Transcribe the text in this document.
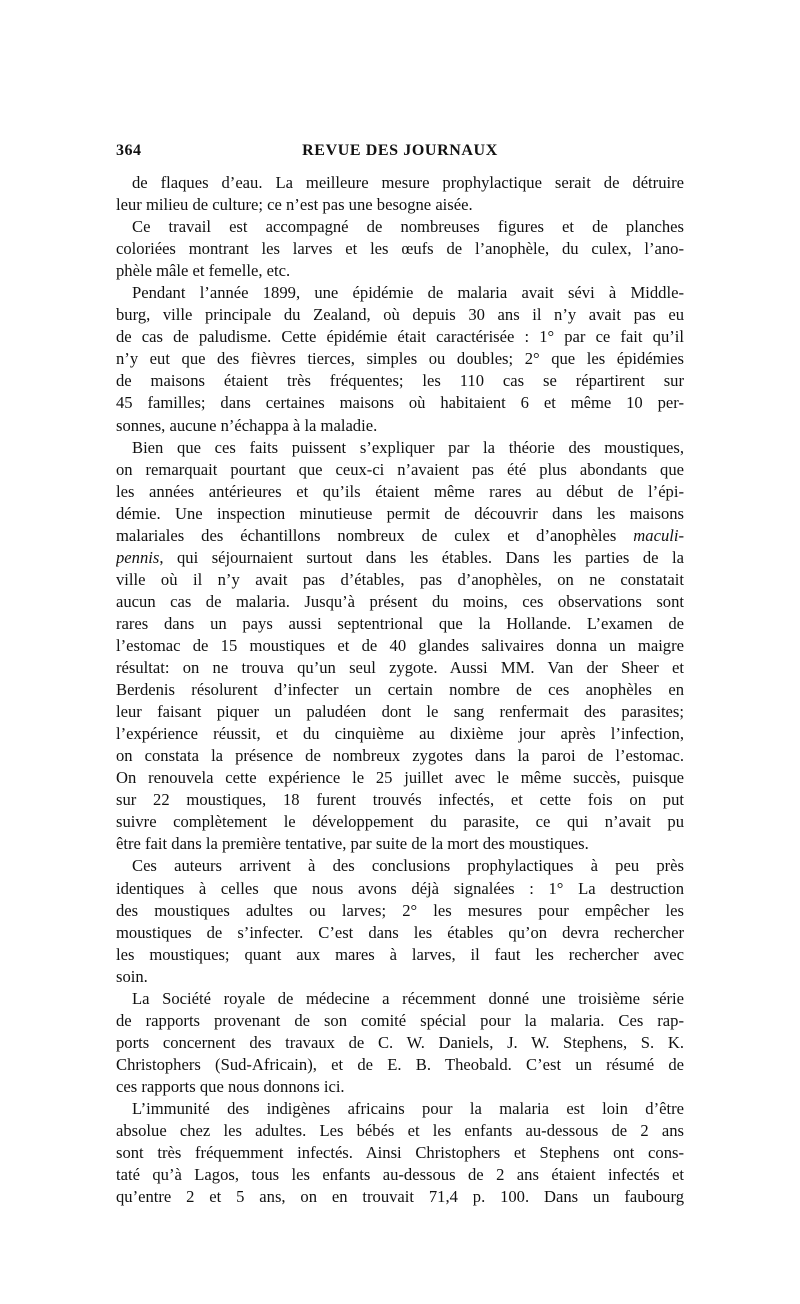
364	REVUE DES JOURNAUX
de flaques d’eau. La meilleure mesure prophylactique serait de détruire
leur milieu de culture; ce n’est pas une besogne aisée.
Ce travail est accompagné de nombreuses figures et de planches
coloriées montrant les larves et les œufs de l’anophèle, du culex, l’ano-
phèle mâle et femelle, etc.
Pendant l’année 1899, une épidémie de malaria avait sévi à Middle-
burg, ville principale du Zealand, où depuis 30 ans il n’y avait pas eu
de cas de paludisme. Cette épidémie était caractérisée : 1° par ce fait qu’il
n’y eut que des fièvres tierces, simples ou doubles; 2° que les épidémies
de maisons étaient très fréquentes; les 110 cas se répartirent sur
45 familles; dans certaines maisons où habitaient 6 et même 10 per-
sonnes, aucune n’échappa à la maladie.
Bien que ces faits puissent s’expliquer par la théorie des moustiques,
on remarquait pourtant que ceux-ci n’avaient pas été plus abondants que
les années antérieures et qu’ils étaient même rares au début de l’épi-
démie. Une inspection minutieuse permit de découvrir dans les maisons
malariales des échantillons nombreux de culex et d’anophèles maculi-
pennis, qui séjournaient surtout dans les étables. Dans les parties de la
ville où il n’y avait pas d’étables, pas d’anophèles, on ne constatait
aucun cas de malaria. Jusqu’à présent du moins, ces observations sont
rares dans un pays aussi septentrional que la Hollande. L’examen de
l’estomac de 15 moustiques et de 40 glandes salivaires donna un maigre
résultat: on ne trouva qu’un seul zygote. Aussi MM. Van der Sheer et
Berdenis résolurent d’infecter un certain nombre de ces anophèles en
leur faisant piquer un paludéen dont le sang renfermait des parasites;
l’expérience réussit, et du cinquième au dixième jour après l’infection,
on constata la présence de nombreux zygotes dans la paroi de l’estomac.
On renouvela cette expérience le 25 juillet avec le même succès, puisque
sur 22 moustiques, 18 furent trouvés infectés, et cette fois on put
suivre complètement le développement du parasite, ce qui n’avait pu
être fait dans la première tentative, par suite de la mort des moustiques.
Ces auteurs arrivent à des conclusions prophylactiques à peu près
identiques à celles que nous avons déjà signalées : 1° La destruction
des moustiques adultes ou larves; 2° les mesures pour empêcher les
moustiques de s’infecter. C’est dans les étables qu’on devra rechercher
les moustiques; quant aux mares à larves, il faut les rechercher avec
soin.
La Société royale de médecine a récemment donné une troisième série
de rapports provenant de son comité spécial pour la malaria. Ces rap-
ports concernent des travaux de C. W. Daniels, J. W. Stephens, S. K.
Christophers (Sud-Africain), et de E. B. Theobald. C’est un résumé de
ces rapports que nous donnons ici.
L’immunité des indigènes africains pour la malaria est loin d’être
absolue chez les adultes. Les bébés et les enfants au-dessous de 2 ans
sont très fréquemment infectés. Ainsi Christophers et Stephens ont cons-
taté qu’à Lagos, tous les enfants au-dessous de 2 ans étaient infectés et
qu’entre 2 et 5 ans, on en trouvait 71,4 p. 100. Dans un faubourg
